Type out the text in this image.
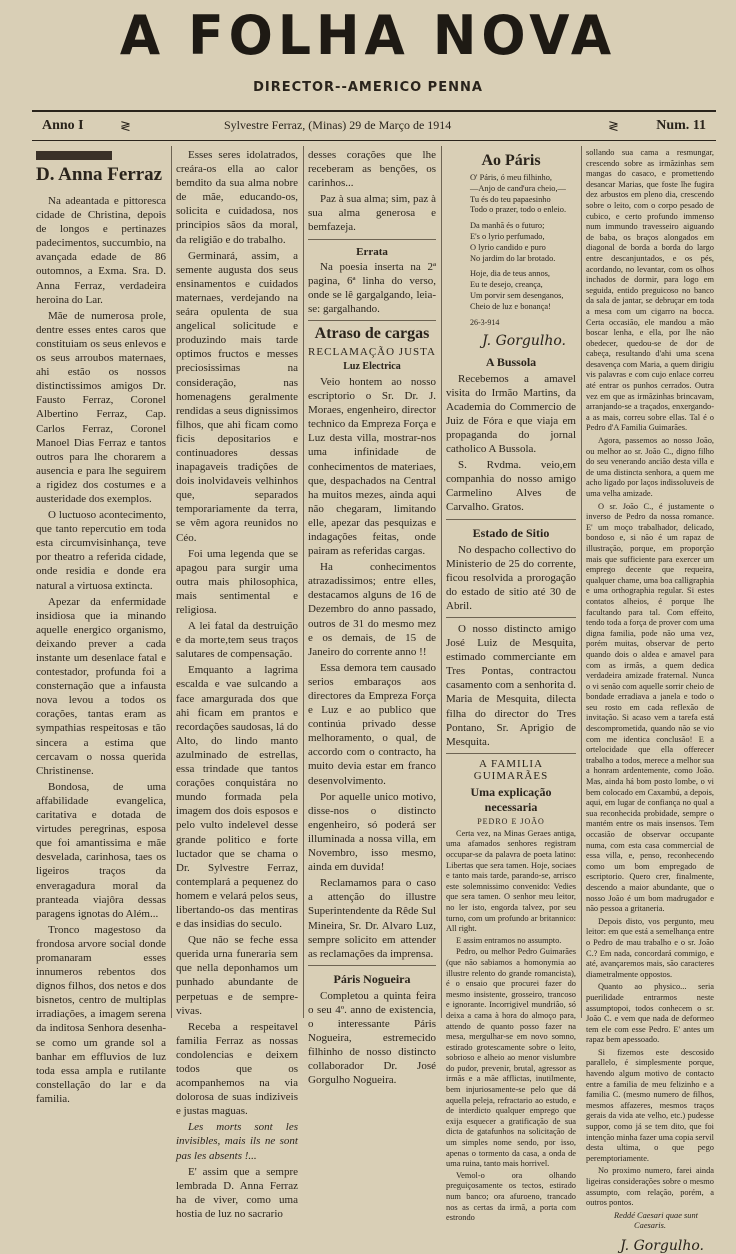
A FOLHA NOVA
DIRECTOR--AMERICO PENNA
Anno I	≷	Sylvestre Ferraz, (Minas) 29 de Março de 1914	≷	Num. 11
D. Anna Ferraz

Na adeantada e pittoresca cidade de Christina, depois de longos e pertinazes padecimentos, succumbio, na avançada edade de 86 outomnos, a Exma. Sra. D. Anna Ferraz, verdadeira heroina do Lar.

Mãe de numerosa prole, dentre esses entes caros que constituiam os seus enlevos e os seus arroubos maternaes, ahi estão os nossos distinctissimos amigos Dr. Fausto Ferraz, Coronel Albertino Ferraz, Cap. Carlos Ferraz, Coronel Manoel Dias Ferraz e tantos outros para lhe chorarem a ausencia e para lhe seguirem a rigidez dos costumes e a austeridade dos exemplos.

O luctuoso acontecimento, que tanto repercutio em toda esta circumvisinhança, teve por theatro a referida cidade, onde residia e donde era natural a virtuosa extincta.

Apezar da enfermidade insidiosa que ia minando aquelle energico organismo, deixando prever a cada instante um desenlace fatal e contestador, profunda foi a consternação que a infausta nova levou a todos os corações, tantas eram as sympathias respeitosas e tão sincera a estima que cercavam o nossa querida Christinense.

Bondosa, de uma affabilidade evangelica, caritativa e dotada de virtudes peregrinas, esposa que foi amantissima e mãe desvelada, carinhosa, taes os ligeiros traços da enveragadura moral da pranteada viajôra dessas paragens ignotas do Além...

Tronco magestoso da frondosa arvore social donde promanaram esses innumeros rebentos dos dignos filhos, dos netos e dos bisnetos, centro de multiplas irradiações, a imagem serena da inditosa Senhora desenha-se como um grande sol a banhar em effluvios de luz toda essa ampla e rutilante constellação do lar e da familia.

Esses seres idolatrados, creára-os ella ao calor bemdito da sua alma nobre de mãe, educando-os, solicita e cuidadosa, nos principios sãos da moral, da religião e do trabalho.

Germinará, assim, a semente augusta dos seus ensinamentos e cuidados maternaes, verdejando na seára opulenta de sua angelical solicitude e produzindo mais tarde optimos fructos e messes preciosissimas na consideração, nas homenagens geralmente rendidas a seus dignissimos filhos, que ahi ficam como ficis depositarios e continuadores dessas inapagaveis tradições de dois inolvidaveis velhinhos que, separados temporariamente da terra, se vêm agora reunidos no Céo.

Foi uma legenda que se apagou para surgir uma outra mais philosophica, mais sentimental e religiosa.

A lei fatal da destruição e da morte,tem seus traços salutares de compensação.

Emquanto a lagrima escalda e vae sulcando a face amargurada dos que ahi ficam em prantos e recordações saudosas, lá do Alto, do lindo manto azulminado de estrellas, essa trindade que tantos corações conquistára no mundo formada pela imagem dos dois esposos e pelo vulto indelevel desse grande politico e forte luctador que se chama o Dr. Sylvestre Ferraz, contemplará a pequenez do homem e velará pelos seus, libertando-os das mentiras e das insidias do seculo.

Que não se feche essa querida urna funeraria sem que nella deponhamos um punhado abundante de perpetuas e de sempre-vivas.

Receba a respeitavel familia Ferraz as nossas condolencias e deixem todos que os acompanhemos na via dolorosa de suas indiziveis e justas maguas.

Les morts sont les invisibles, mais ils ne sont pas les absents !...

E' assim que a sempre lembrada D. Anna Ferraz ha de viver, como uma hostia de luz no sacrario

desses corações que lhe receberam as benções, os carinhos...

Paz à sua alma; sim, paz à sua alma generosa e bemfazeja.

Errata

Na poesia inserta na 2ª pagina, 6ª linha do verso, onde se lê gargalgando, leia-se: gargalhando.

Atraso de cargas
RECLAMAÇÃO JUSTA
Luz Electrica

Veio hontem ao nosso escriptorio o Sr. Dr. J. Moraes, engenheiro, director technico da Empreza Força e Luz desta villa, mostrar-nos uma infinidade de conhecimentos de materiaes, que, despachados na Central ha muitos mezes, ainda aqui não chegaram, limitando elle, apezar das pesquizas e indagações feitas, onde pairam as referidas cargas.

Ha conhecimentos atrazadissimos; entre elles, destacamos alguns de 16 de Dezembro do anno passado, outros de 31 do mesmo mez e os demais, de 15 de Janeiro do corrente anno !!

Essa demora tem causado serios embaraços aos directores da Empreza Força e Luz e ao publico que continúa privado desse melhoramento, o qual, de accordo com o contracto, ha muito devia estar em franco desenvolvimento.

Por aquelle unico motivo, disse-nos o distincto engenheiro, só poderá ser illuminada a nossa villa, em Novembro, isso mesmo, ainda em duvida!

Reclamamos para o caso a attenção do illustre Superintendente da Rêde Sul Mineira, Sr. Dr. Alvaro Luz, sempre solicito em attender as reclamações da imprensa.

Páris Nogueira

Completou a quinta feira o seu 4º. anno de existencia, o interessante Páris Nogueira, estremecido filhinho de nosso distincto collaborador Dr. José Gorgulho Nogueira.

Ao Páris
O' Páris, ó meu filhinho,
—Anjo de cand'ura cheio,—
Tu és do teu papaesinho
Todo o prazer, todo o enleio.
Da manhã és o futuro;
E's o lyrio perfumado,
O lyrio candido e puro
No jardim do lar brotado.
Hoje, dia de teus annos,
Eu te desejo, creança,
Um porvir sem desenganos,
Cheio de luz e bonança!
26-3-914
J. Gorgulho.
A Bussola

Recebemos a amavel visita do Irmão Martins, da Academia do Commercio de Juiz de Fóra e que viaja em propaganda do jornal catholico A Bussola.

S. Rvdma. veio,em companhia do nosso amigo Carmelino Alves de Carvalho. Gratos.

Estado de Sitio

No despacho collectivo do Ministerio de 25 do corrente, ficou resolvida a prorogação do estado de sitio até 30 de Abril.

O nosso distincto amigo José Luiz de Mesquita, estimado commerciante em Tres Pontas, contractou casamento com a senhorita d. Maria de Mesquita, dilecta filha do director do Tres Pontano, Sr. Aprigio de Mesquita.

A FAMILIA GUIMARÃES
Uma explicação necessaria
PEDRO E JOÃO

Certa vez, na Minas Geraes antiga, uma afamados senhores registram occupar-se da palavra de poeta latino: Libertas que sera tamen. Hoje, sociaes e tanto mais tarde, parando-se, arrisco este solemnissimo convenido: Vedies que sera tamen. O senhor meu leitor, no ler isto, engorda talvez, por seu turno, com um profundo ar britannico: All right.

E assim entramos no assumpto.

Pedro, ou melhor Pedro Guimarães (que não sabiamos a homonymia ao illustre relento do grande romancista), é o ensaio que procurei fazer do mesmo insistente, grosseiro, trancoso e ignorante. Incorrigivel mundrião, só deixa a cama à hora do almoço para, attendo de quanto posso fazer na mesa, mergulhar-se em novo somno, estirado grotescamente sobre o leito, sobrioso e alheio ao menor vislumbre do pudor, prevenir, brutal, agressor as irmãs e a mãe afflictas, inutilmente, bem injuriosamente-se pelo que dá aquella peleja, refractario ao estudo, e de interdicto qualquer emprego que exija esquecer a gratificação de sua dicta de gatafunhos na solicitação de um simples nome sendo, por isso, apenas o tormento da casa, a onda de uma ruina, tanto mais horrivel.

Vemol-o ora olhando preguiçosamente os tectos, estirado num banco; ora afuroeno, trancado nos as certas da irmã, a porta com estrondo

sollando sua cama a resmungar, crescendo sobre as irmãzinhas sem mangas do casaco, e promettendo desancar Marias, que foste lhe fugira dez arbustos em pleno dia, crescendo sobre o leito, com o corpo pesado de cubico, e certo profundo immenso num immundo travesseiro aiguando de baba, os braços alongados em diagonal de borda a borda do largo entre descanjuntados, e os pés, acordando, no levantar, com os olhos inchados de dormir, para logo em seguida, entido preguicoso no banco da sala de jantar, se debruçar em toda a mesa com um cigarro na bocca. Certa occasião, ele mandou a mão boscar lenha, e ella, por lhe não obedecer, quedou-se de dor de cabeça, resultando d'ahi uma scena desavença com Maria, a quem dirigiu vis palavras e com cujo enlace correu até entrar os punhos cerrados. Outra vez em que as irmãzinhas brincavam, arranjando-se a traçados, enxergando-a as mais, correu sobre ellas. Tal é o Pedro d'A Familia Guimarães.

Agora, passemos ao nosso João, ou melhor ao sr. João C., digno filho do seu venerando ancião desta villa e de uma distincta senhora, a quem me acho ligado por laços indissoluveis de uma velha amizade.

O sr. João C., é justamente o inverso de Pedro da nossa romance. E' um moço trabalhador, delicado, bondoso e, si não é um rapaz de illustração, porque, em proporção mais que sufficiente para exercer um emprego decente que requeira, qualquer chame, uma boa calligraphia e uma orthographia regular. Si estes contatos alheios, é porque lhe facultando para tal. Com effeito, tendo toda a força de prover com uma digna familia, pode não uma vez, porém muitas, observar de perto quando dois o aldea e amavel para com as irmãs, a quem dedica verdadeira amizade fraternal. Nunca o vi senão com aquelle sorrir cheio de bondade erradiava a janela e todo o seu rosto em cada reflexão de invitação. Si acaso vem a tarefa está descomprometida, quando não se vio com me identica conclusão! E a ortelocidade que ella offerecer trabalho a todos, merece a melhor sua a honram ardentemente, como João. Mas, ainda há bom posto lombe, o vi bem colocado em Caxambú, a depois, aqui, em lugar de confiança no qual a sua reconhecida probidade, sempre o mantém entre os mais insensos. Tem occasião de observar occupante numa, com esta casa commercial de essa villa, e, penso, reconhecendo como um bom empregado de escriptorio. Quero crer, finalmente, descendo a maior abundante, que o nosso João é um bom madrugador e não pessoa a gritaneria.

Depois disto, vos pergunto, meu leitor: em que está a semelhança entre o Pedro de mau trabalho e o sr. João C.? Em nada, concordará commigo, e até, avançaremos mais, são caracteres diametralmente oppostos.

Quanto ao physico... seria puerilidade entrarmos neste assumptopoi, todos conhecem o sr. João C. e vem que nada de deformeo tem ele com esse Pedro. E' antes um rapaz bem apessoado.

Si fizemos este descosido parallelo, é simplesmente porque, havendo algum motivo de contacto entre a familia de meu felizinho e a familia C. (mesmo numero de filhos, mesmos affazeres, mesmos traços gerais da vida ate velho, etc.) pudesse suppor, como já se tem dito, que foi intenção minha fazer uma copia servil desta ultima, o que pego peremptoriamente.

No proximo numero, farei ainda ligeiras considerações sobre o mesmo assumpto, com relação, porém, a outros pontos.

Reddé Caesari quae sunt Caesaris.

J. Gorgulho.
